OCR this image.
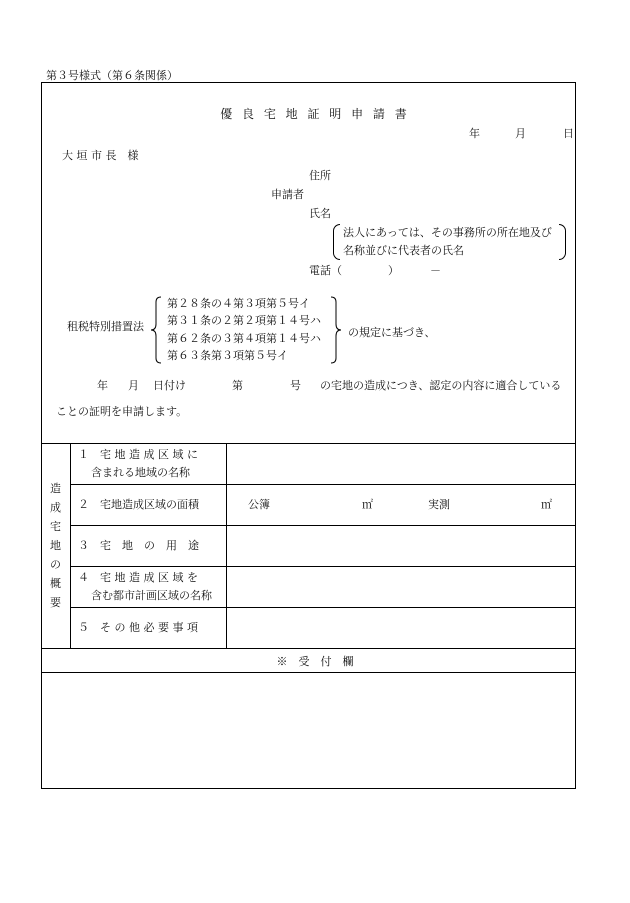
第３号様式（第６条関係）
優 良 宅 地 証 明 申 請 書
年	月	日
大 垣 市 長　様
住所
申請者
氏名
法人にあっては、その事務所の所在地及び
名称並びに代表者の氏名
電話（	）	－
租税特別措置法
第２８条の４第３項第５号イ
第３１条の２第２項第１４号ハ
第６２条の３第４項第１４号ハ
第６３条第３項第５号イ
の規定に基づき、
年 月 日付け	第	号 の宅地の造成につき、認定の内容に適合している
ことの証明を申請します。
造
成
宅
地
の
概
要
１　宅 地 造 成 区 域 に
含まれる地域の名称
２　宅地造成区域の面積	公簿	㎡	実測	㎡
３　宅　地　の　用　途
４　宅 地 造 成 区 域 を
含む都市計画区域の名称
５　そ の 他 必 要 事 項
※　受　付　欄
